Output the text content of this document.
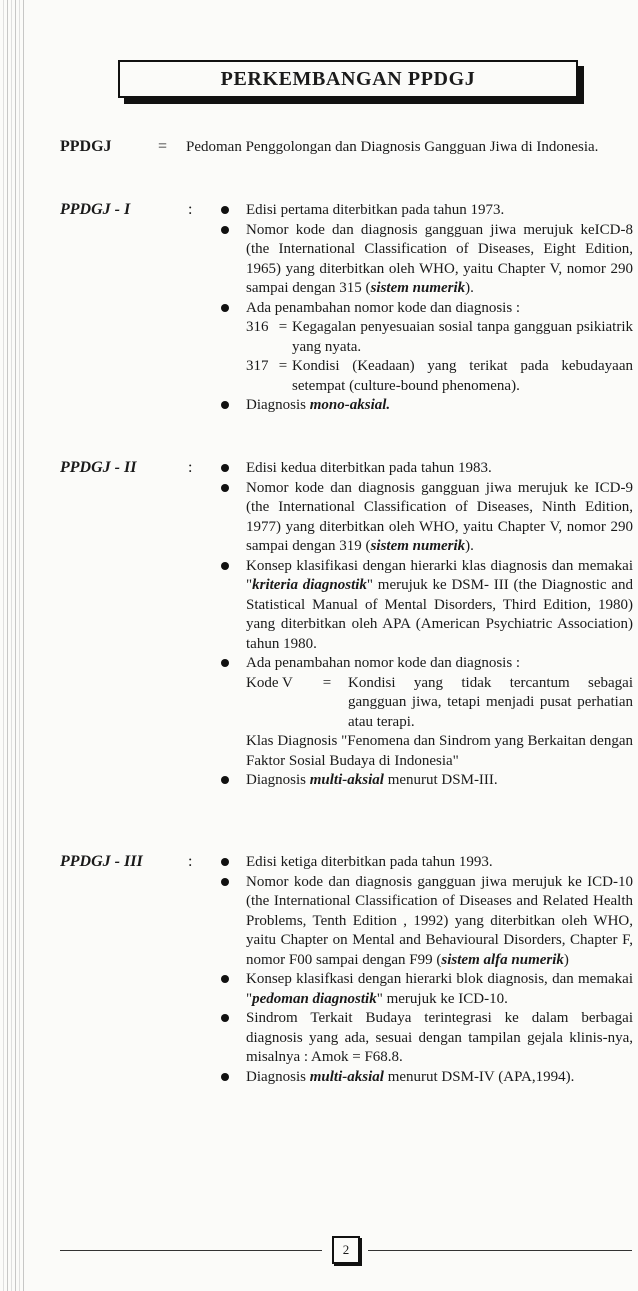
PERKEMBANGAN PPDGJ
PPDGJ	= Pedoman Penggolongan dan Diagnosis Gangguan Jiwa di Indonesia.
PPDGJ - I	:	Edisi pertama diterbitkan pada tahun 1973.
Nomor kode dan diagnosis gangguan jiwa merujuk keICD-8 (the International Classification of Diseases, Eight Edition, 1965) yang diterbitkan oleh WHO, yaitu Chapter V, nomor 290 sampai dengan 315 (sistem numerik).
Ada penambahan nomor kode dan diagnosis :
316 = Kegagalan penyesuaian sosial tanpa gangguan psikiatrik yang nyata.
317 = Kondisi (Keadaan) yang terikat pada kebudayaan setempat (culture-bound phenomena).
Diagnosis mono-aksial.
PPDGJ - II	:	Edisi kedua diterbitkan pada tahun 1983.
Nomor kode dan diagnosis gangguan jiwa merujuk ke ICD-9 (the International Classification of Diseases, Ninth Edition, 1977) yang diterbitkan oleh WHO, yaitu Chapter V, nomor 290 sampai dengan 319 (sistem numerik).
Konsep klasifikasi dengan hierarki klas diagnosis dan memakai "kriteria diagnostik" merujuk ke DSM- III (the Diagnostic and Statistical Manual of Mental Disorders, Third Edition, 1980) yang diterbitkan oleh APA (American Psychiatric Association) tahun 1980.
Ada penambahan nomor kode dan diagnosis :
Kode V	=	Kondisi yang tidak tercantum sebagai gangguan jiwa, tetapi menjadi pusat perhatian atau terapi.
Klas Diagnosis "Fenomena dan Sindrom yang Berkaitan dengan Faktor Sosial Budaya di Indonesia"
Diagnosis multi-aksial menurut DSM-III.
PPDGJ - III	:	Edisi ketiga diterbitkan pada tahun 1993.
Nomor kode dan diagnosis gangguan jiwa merujuk ke ICD-10 (the International Classification of Diseases and Related Health Problems, Tenth Edition , 1992) yang diterbitkan oleh WHO, yaitu Chapter on Mental and Behavioural Disorders, Chapter F, nomor F00 sampai dengan F99 (sistem alfa numerik)
Konsep klasifkasi dengan hierarki blok diagnosis, dan memakai "pedoman diagnostik" merujuk ke ICD-10.
Sindrom Terkait Budaya terintegrasi ke dalam berbagai diagnosis yang ada, sesuai dengan tampilan gejala klinis-nya, misalnya : Amok = F68.8.
Diagnosis multi-aksial menurut DSM-IV (APA,1994).
2
